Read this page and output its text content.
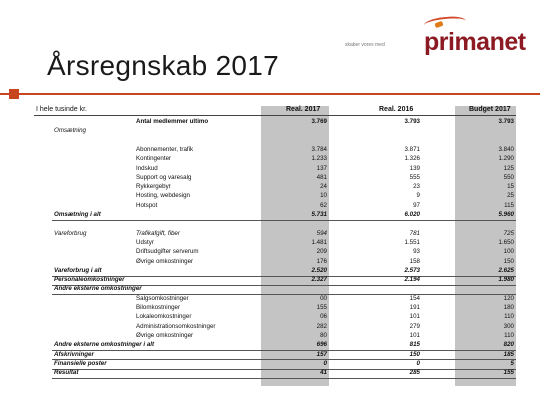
Årsregnskab 2017
skaber vores med primanet
I hele tusinde kr.	Real. 2017	Real. 2016	Budget 2017
Antal medlemmer ultimo	3.769	3.793	3.793
Omsætning
Abonnementer, trafik	3.784	3.871	3.840
Kontingenter	1.233	1.326	1.290
Indskud	137	139	125
Support og varesalg	481	555	550
Rykkergebyr	24	23	15
Hosting, webdesign	10	9	25
Hotspot	62	97	115
Omsætning i alt	5.731	6.020	5.960
Vareforbrug	Trafikafgift, fiber	594	781	725
Udstyr	1.481	1.551	1.650
Driftsudgifter serverum	209	93	100
Øvrige omkostninger	176	158	150
Vareforbrug i alt	2.520	2.573	2.625
Personaleomkostninger	2.327	2.194	1.980
Andre eksterne omkostninger
Salgsomkostninger	00	154	120
Bilomkostninger	155	191	180
Lokaleomkostninger	06	101	110
Administrationsomkostninger	282	279	300
Øvrige omkostninger	80	101	110
Andre eksterne omkostninger i alt	696	815	820
Afskrivninger	157	150	185
Finansielle poster	0	0	5
Resultat	41	285	155
